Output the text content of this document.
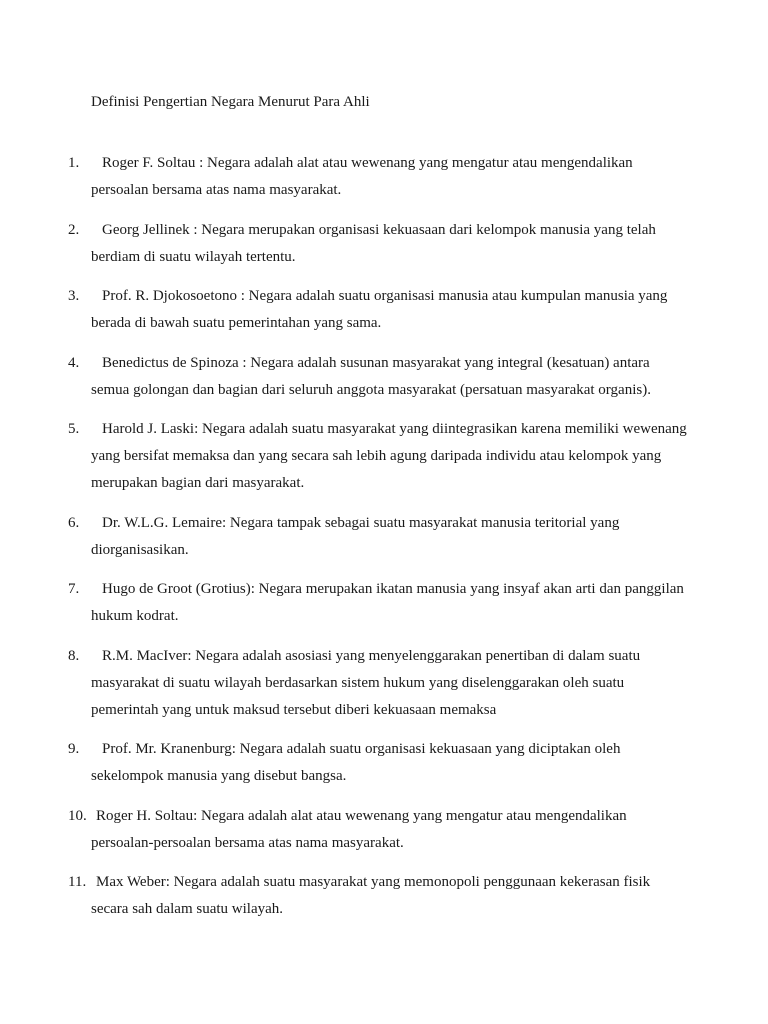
Definisi Pengertian Negara Menurut Para Ahli
1.	Roger F. Soltau : Negara adalah alat atau wewenang yang mengatur atau mengendalikan persoalan bersama atas nama masyarakat.
2.	Georg Jellinek : Negara merupakan organisasi kekuasaan dari kelompok manusia yang telah berdiam di suatu wilayah tertentu.
3.	Prof. R. Djokosoetono : Negara adalah suatu organisasi manusia atau kumpulan manusia yang berada di bawah suatu pemerintahan yang sama.
4.	Benedictus de Spinoza : Negara adalah susunan masyarakat yang integral (kesatuan) antara semua golongan dan bagian dari seluruh anggota masyarakat (persatuan masyarakat organis).
5.	Harold J. Laski: Negara adalah suatu masyarakat yang diintegrasikan karena memiliki wewenang yang bersifat memaksa dan yang secara sah lebih agung daripada individu atau kelompok yang merupakan bagian dari masyarakat.
6.	Dr. W.L.G. Lemaire: Negara tampak sebagai suatu masyarakat manusia teritorial yang diorganisasikan.
7.	Hugo de Groot (Grotius): Negara merupakan ikatan manusia yang insyaf akan arti dan panggilan hukum kodrat.
8.	R.M. MacIver: Negara adalah asosiasi yang menyelenggarakan penertiban di dalam suatu masyarakat di suatu wilayah berdasarkan sistem hukum yang diselenggarakan oleh suatu pemerintah yang untuk maksud tersebut diberi kekuasaan memaksa
9.	Prof. Mr. Kranenburg: Negara adalah suatu organisasi kekuasaan yang diciptakan oleh sekelompok manusia yang disebut bangsa.
10. Roger H. Soltau: Negara adalah alat atau wewenang yang mengatur atau mengendalikan persoalan-persoalan bersama atas nama masyarakat.
11. Max Weber: Negara adalah suatu masyarakat yang memonopoli penggunaan kekerasan fisik secara sah dalam suatu wilayah.
